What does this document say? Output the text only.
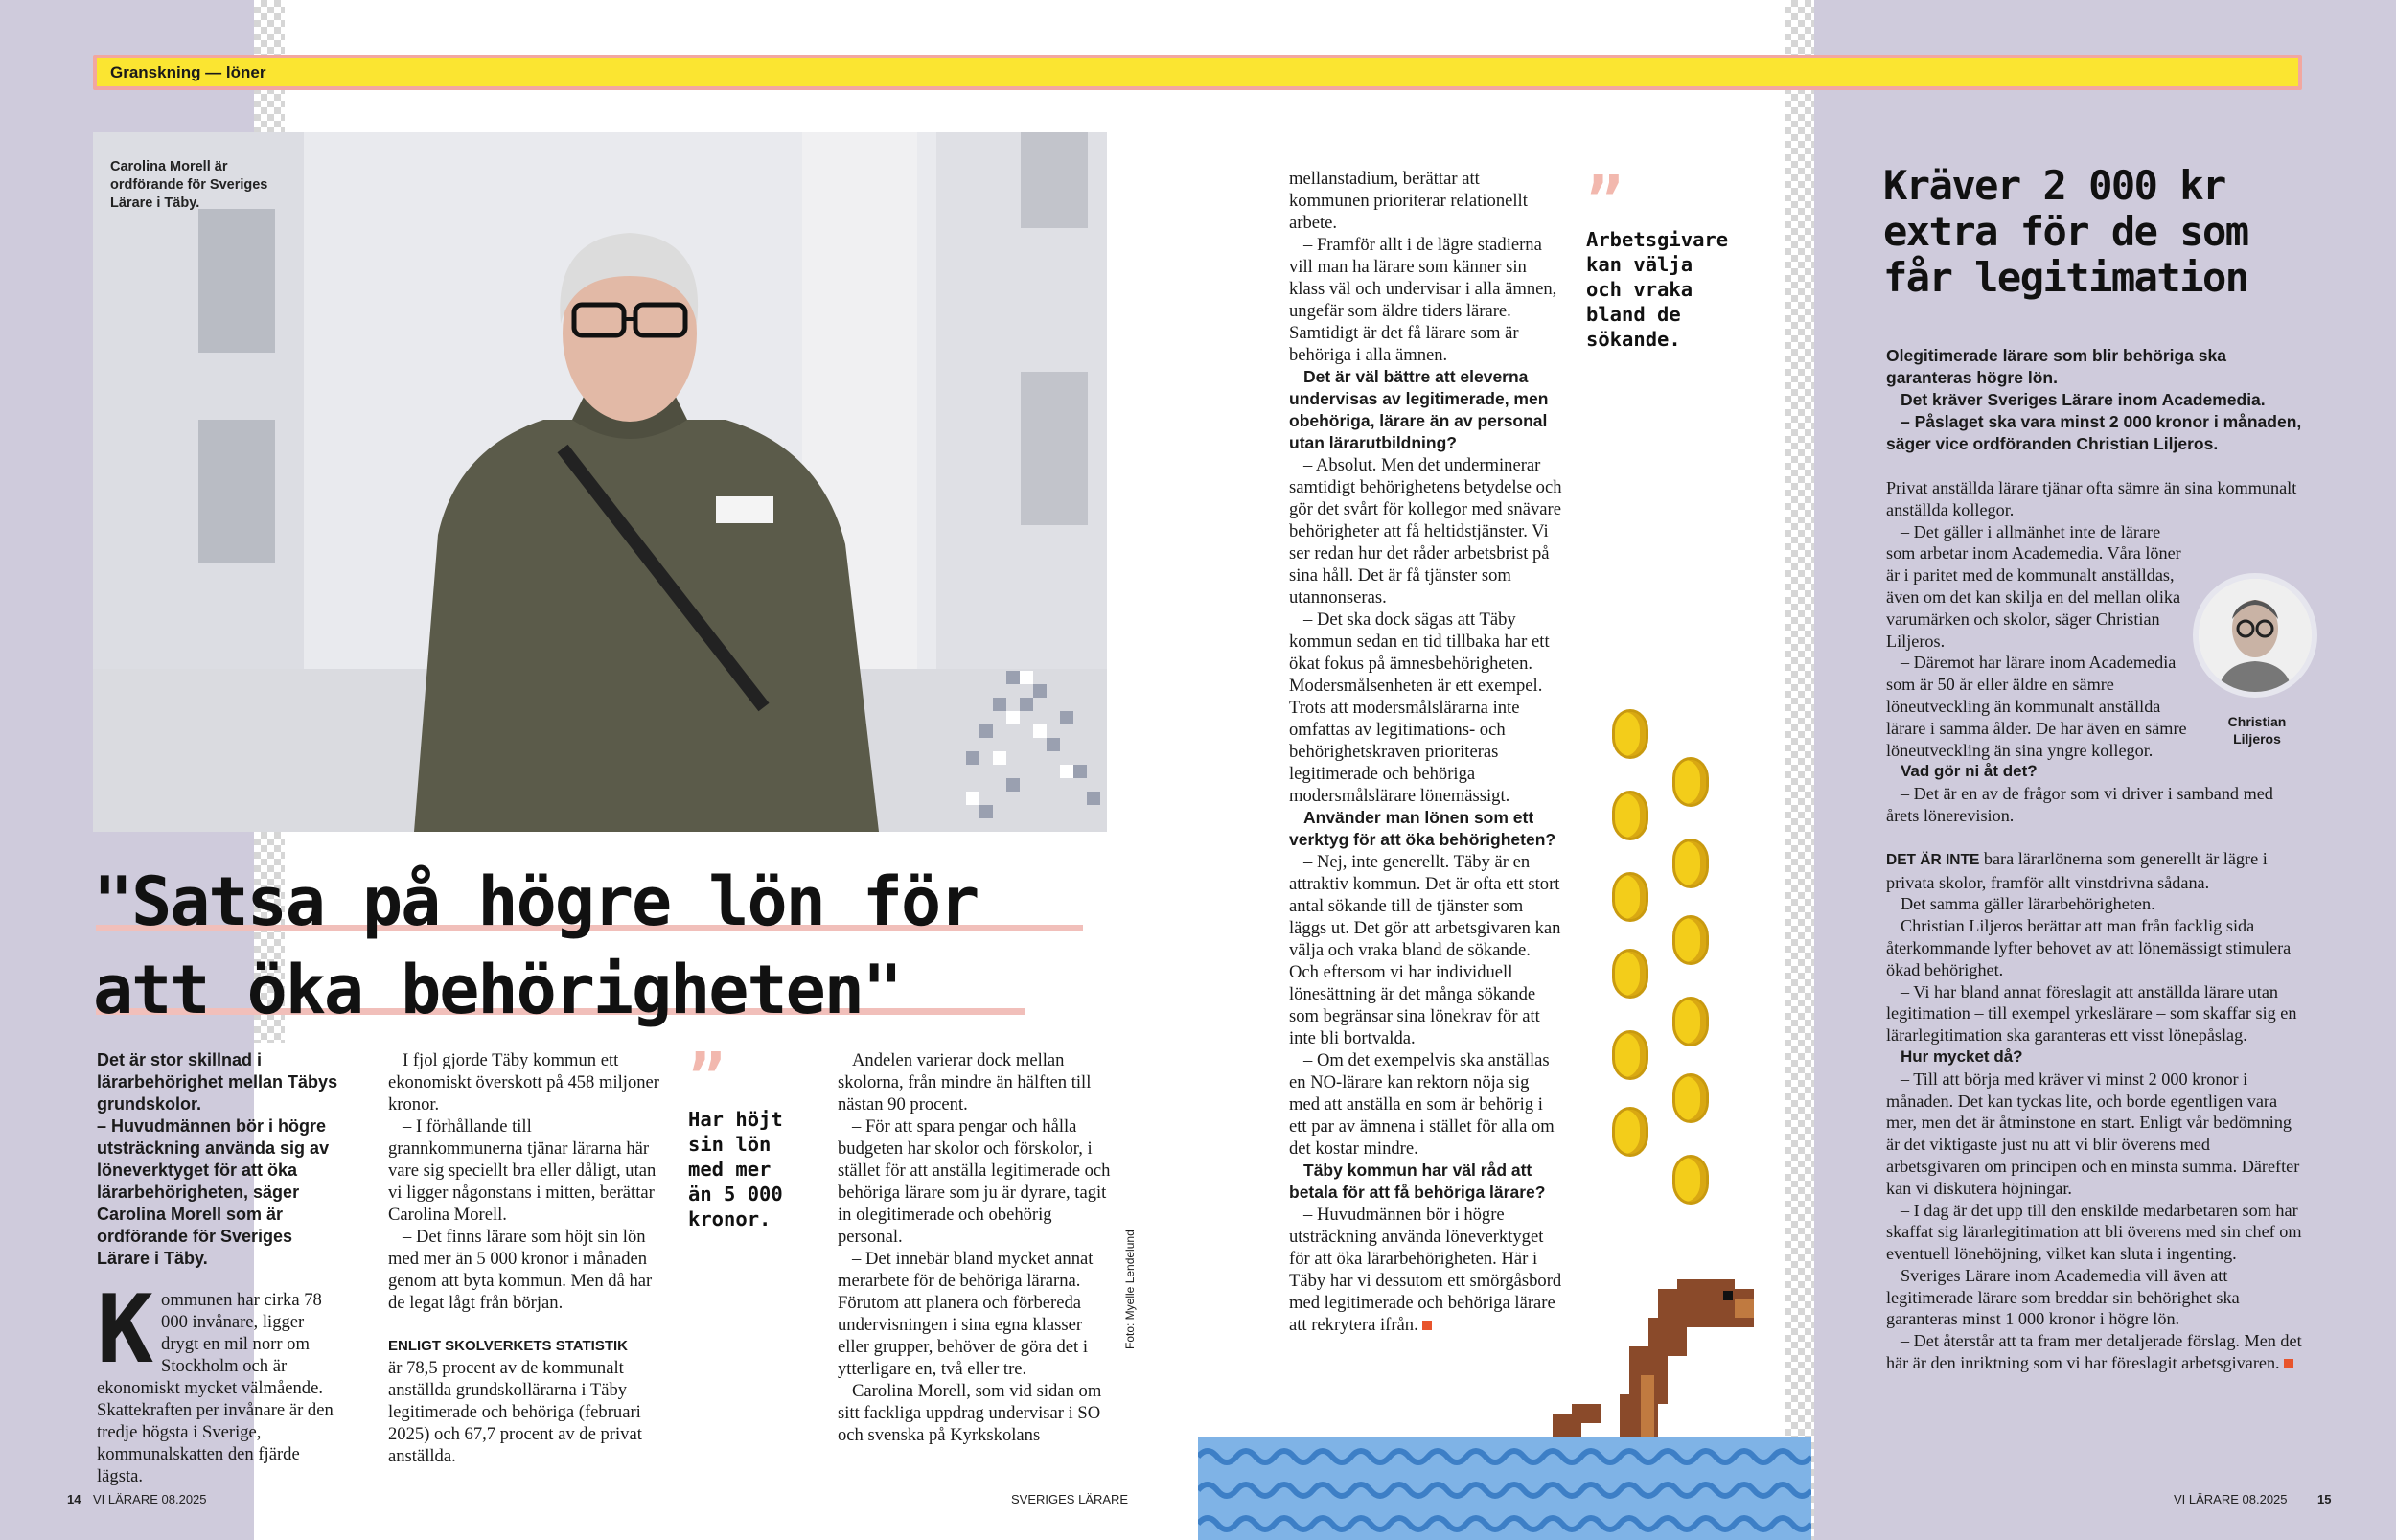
Granskning — löner
Carolina Morell är ordförande för Sveriges Lärare i Täby.
Foto: Myelle Lendelund
"Satsa på högre lön för
att öka behörigheten"

Det är stor skillnad i lärarbehörighet mellan Täbys grundskolor.

– Huvudmännen bör i högre utsträckning använda sig av löneverktyget för att öka lärarbehörigheten, säger Carolina Morell som är ordförande för Sveriges Lärare i Täby.

K ommunen har cirka 78 000 invånare, ligger drygt en mil norr om Stockholm och är ekonomiskt mycket välmående. Skattekraften per invånare är den tredje högsta i Sverige, kommunalskatten den fjärde lägsta.

I fjol gjorde Täby kommun ett ekonomiskt överskott på 458 miljoner kronor.

– I förhållande till grannkommunerna tjänar lärarna här vare sig speciellt bra eller dåligt, utan vi ligger någonstans i mitten, berättar Carolina Morell.

– Det finns lärare som höjt sin lön med mer än 5 000 kronor i månaden genom att byta kommun. Men då har de legat lågt från början.

ENLIGT SKOLVERKETS STATISTIK

är 78,5 procent av de kommunalt anställda grundskollärarna i Täby legitimerade och behöriga (februari 2025) och 67,7 procent av de privat anställda.

”
Har höjt sin lön med mer än 5 000 kronor.

Andelen varierar dock mellan skolorna, från mindre än hälften till nästan 90 procent.

– För att spara pengar och hålla budgeten har skolor och förskolor, i stället för att anställa legitimerade och behöriga lärare som ju är dyrare, tagit in olegitimerade och obehörig personal.

– Det innebär bland mycket annat merarbete för de behöriga lärarna. Förutom att planera och förbereda undervisningen i sina egna klasser eller grupper, behöver de göra det i ytterligare en, två eller tre.

Carolina Morell, som vid sidan om sitt fackliga uppdrag undervisar i SO och svenska på Kyrkskolans

mellanstadium, berättar att kommunen prioriterar relationellt arbete.

– Framför allt i de lägre stadierna vill man ha lärare som känner sin klass väl och undervisar i alla ämnen, ungefär som äldre tiders lärare. Samtidigt är det få lärare som är behöriga i alla ämnen.

Det är väl bättre att eleverna undervisas av legitimerade, men obehöriga, lärare än av personal utan lärarutbildning?

– Absolut. Men det underminerar samtidigt behörighetens betydelse och gör det svårt för kollegor med snävare behörigheter att få heltidstjänster. Vi ser redan hur det råder arbetsbrist på sina håll. Det är få tjänster som utannonseras.

– Det ska dock sägas att Täby kommun sedan en tid tillbaka har ett ökat fokus på ämnesbehörigheten. Modersmålsenheten är ett exempel. Trots att modersmålslärarna inte omfattas av legitimations- och behörighetskraven prioriteras legitimerade och behöriga modersmålslärare lönemässigt.

Använder man lönen som ett verktyg för att öka behörigheten?

– Nej, inte generellt. Täby är en attraktiv kommun. Det är ofta ett stort antal sökande till de tjänster som läggs ut. Det gör att arbetsgivaren kan välja och vraka bland de sökande. Och eftersom vi har individuell lönesättning är det många sökande som begränsar sina lönekrav för att inte bli bortvalda.

– Om det exempelvis ska anställas en NO-lärare kan rektorn nöja sig med att anställa en som är behörig i ett par av ämnena i stället för alla om det kostar mindre.

Täby kommun har väl råd att betala för att få behöriga lärare?

– Huvudmännen bör i högre utsträckning använda löneverktyget för att öka lärarbehörigheten. Här i Täby har vi dessutom ett smörgåsbord med legitimerade och behöriga lärare att rekrytera ifrån.

”
Arbetsgivare kan välja och vraka bland de sökande.
Kräver 2 000 kr extra för de som får legitimation

Olegitimerade lärare som blir behöriga ska garanteras högre lön.

Det kräver Sveriges Lärare inom Academedia.

– Påslaget ska vara minst 2 000 kronor i månaden, säger vice ordföranden Christian Liljeros.

Christian Liljeros

Privat anställda lärare tjänar ofta sämre än sina kommunalt anställda kollegor.

– Det gäller i allmänhet inte de lärare som arbetar inom Academedia. Våra löner är i paritet med de kommunalt anställdas, även om det kan skilja en del mellan olika varumärken och skolor, säger Christian Liljeros.

– Däremot har lärare inom Academedia som är 50 år eller äldre en sämre löneutveckling än kommunalt anställda lärare i samma ålder. De har även en sämre löneutveckling än sina yngre kollegor.

Vad gör ni åt det?

– Det är en av de frågor som vi driver i samband med årets lönerevision.

DET ÄR INTE bara lärarlönerna som generellt är lägre i privata skolor, framför allt vinstdrivna sådana.

Det samma gäller lärarbehörigheten.

Christian Liljeros berättar att man från facklig sida återkommande lyfter behovet av att lönemässigt stimulera ökad behörighet.

– Vi har bland annat föreslagit att anställda lärare utan legitimation – till exempel yrkeslärare – som skaffar sig en lärarlegitimation ska garanteras ett visst lönepåslag.

Hur mycket då?

– Till att börja med kräver vi minst 2 000 kronor i månaden. Det kan tyckas lite, och borde egentligen vara mer, men det är åtminstone en start. Enligt vår bedömning är det viktigaste just nu att vi blir överens med arbetsgivaren om principen och en minsta summa. Därefter kan vi diskutera höjningar.

– I dag är det upp till den enskilde medarbetaren som har skaffat sig lärarlegitimation att bli överens med sin chef om eventuell lönehöjning, vilket kan sluta i ingenting.

Sveriges Lärare inom Academedia vill även att legitimerade lärare som breddar sin behörighet ska garanteras minst 1 000 kronor i högre lön.

– Det återstår att ta fram mer detaljerade förslag. Men det här är den inriktning som vi har föreslagit arbetsgivaren.

14 VI LÄRARE 08.2025	SVERIGES LÄRARE	VI LÄRARE 08.2025 15
